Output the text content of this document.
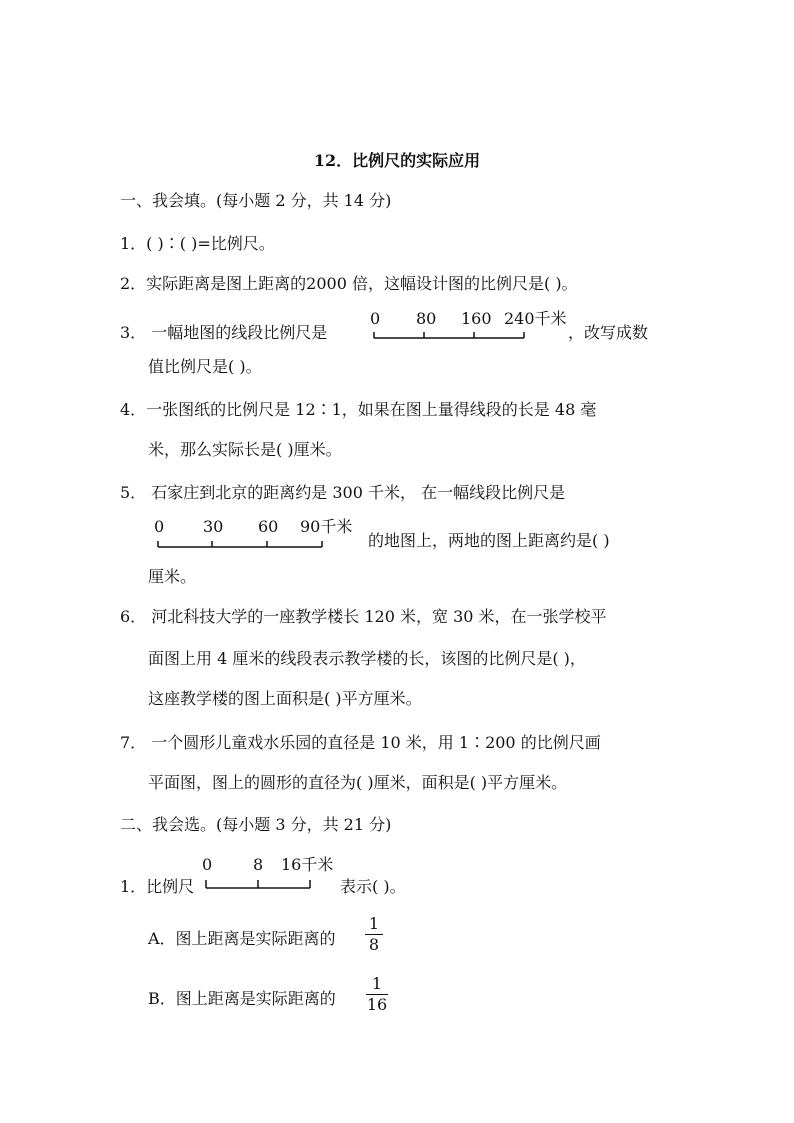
12．比例尺的实际应用
一、我会填。(每小题 2 分，共 14 分)
1．( )∶( )=比例尺。
2．实际距离是图上距离的2000 倍，这幅设计图的比例尺是( )。
3． 一幅地图的线段比例尺是
0 80 160 240千米
，改写成数
值比例尺是( )。
4．一张图纸的比例尺是 12∶1，如果在图上量得线段的长是 48 毫
米，那么实际长是( )厘米。
5． 石家庄到北京的距离约是 300 千米， 在一幅线段比例尺是
0 30 60 90千米
的地图上，两地的图上距离约是( )
厘米。
6． 河北科技大学的一座教学楼长 120 米，宽 30 米，在一张学校平
面图上用 4 厘米的线段表示教学楼的长，该图的比例尺是( )，
这座教学楼的图上面积是( )平方厘米。
7． 一个圆形儿童戏水乐园的直径是 10 米，用 1∶200 的比例尺画
平面图，图上的圆形的直径为( )厘米，面积是( )平方厘米。
二、我会选。(每小题 3 分，共 21 分)
1．比例尺
0	8 16千米
表示( )。
A．图上距离是实际距离的
1
8
B．图上距离是实际距离的
1
16
